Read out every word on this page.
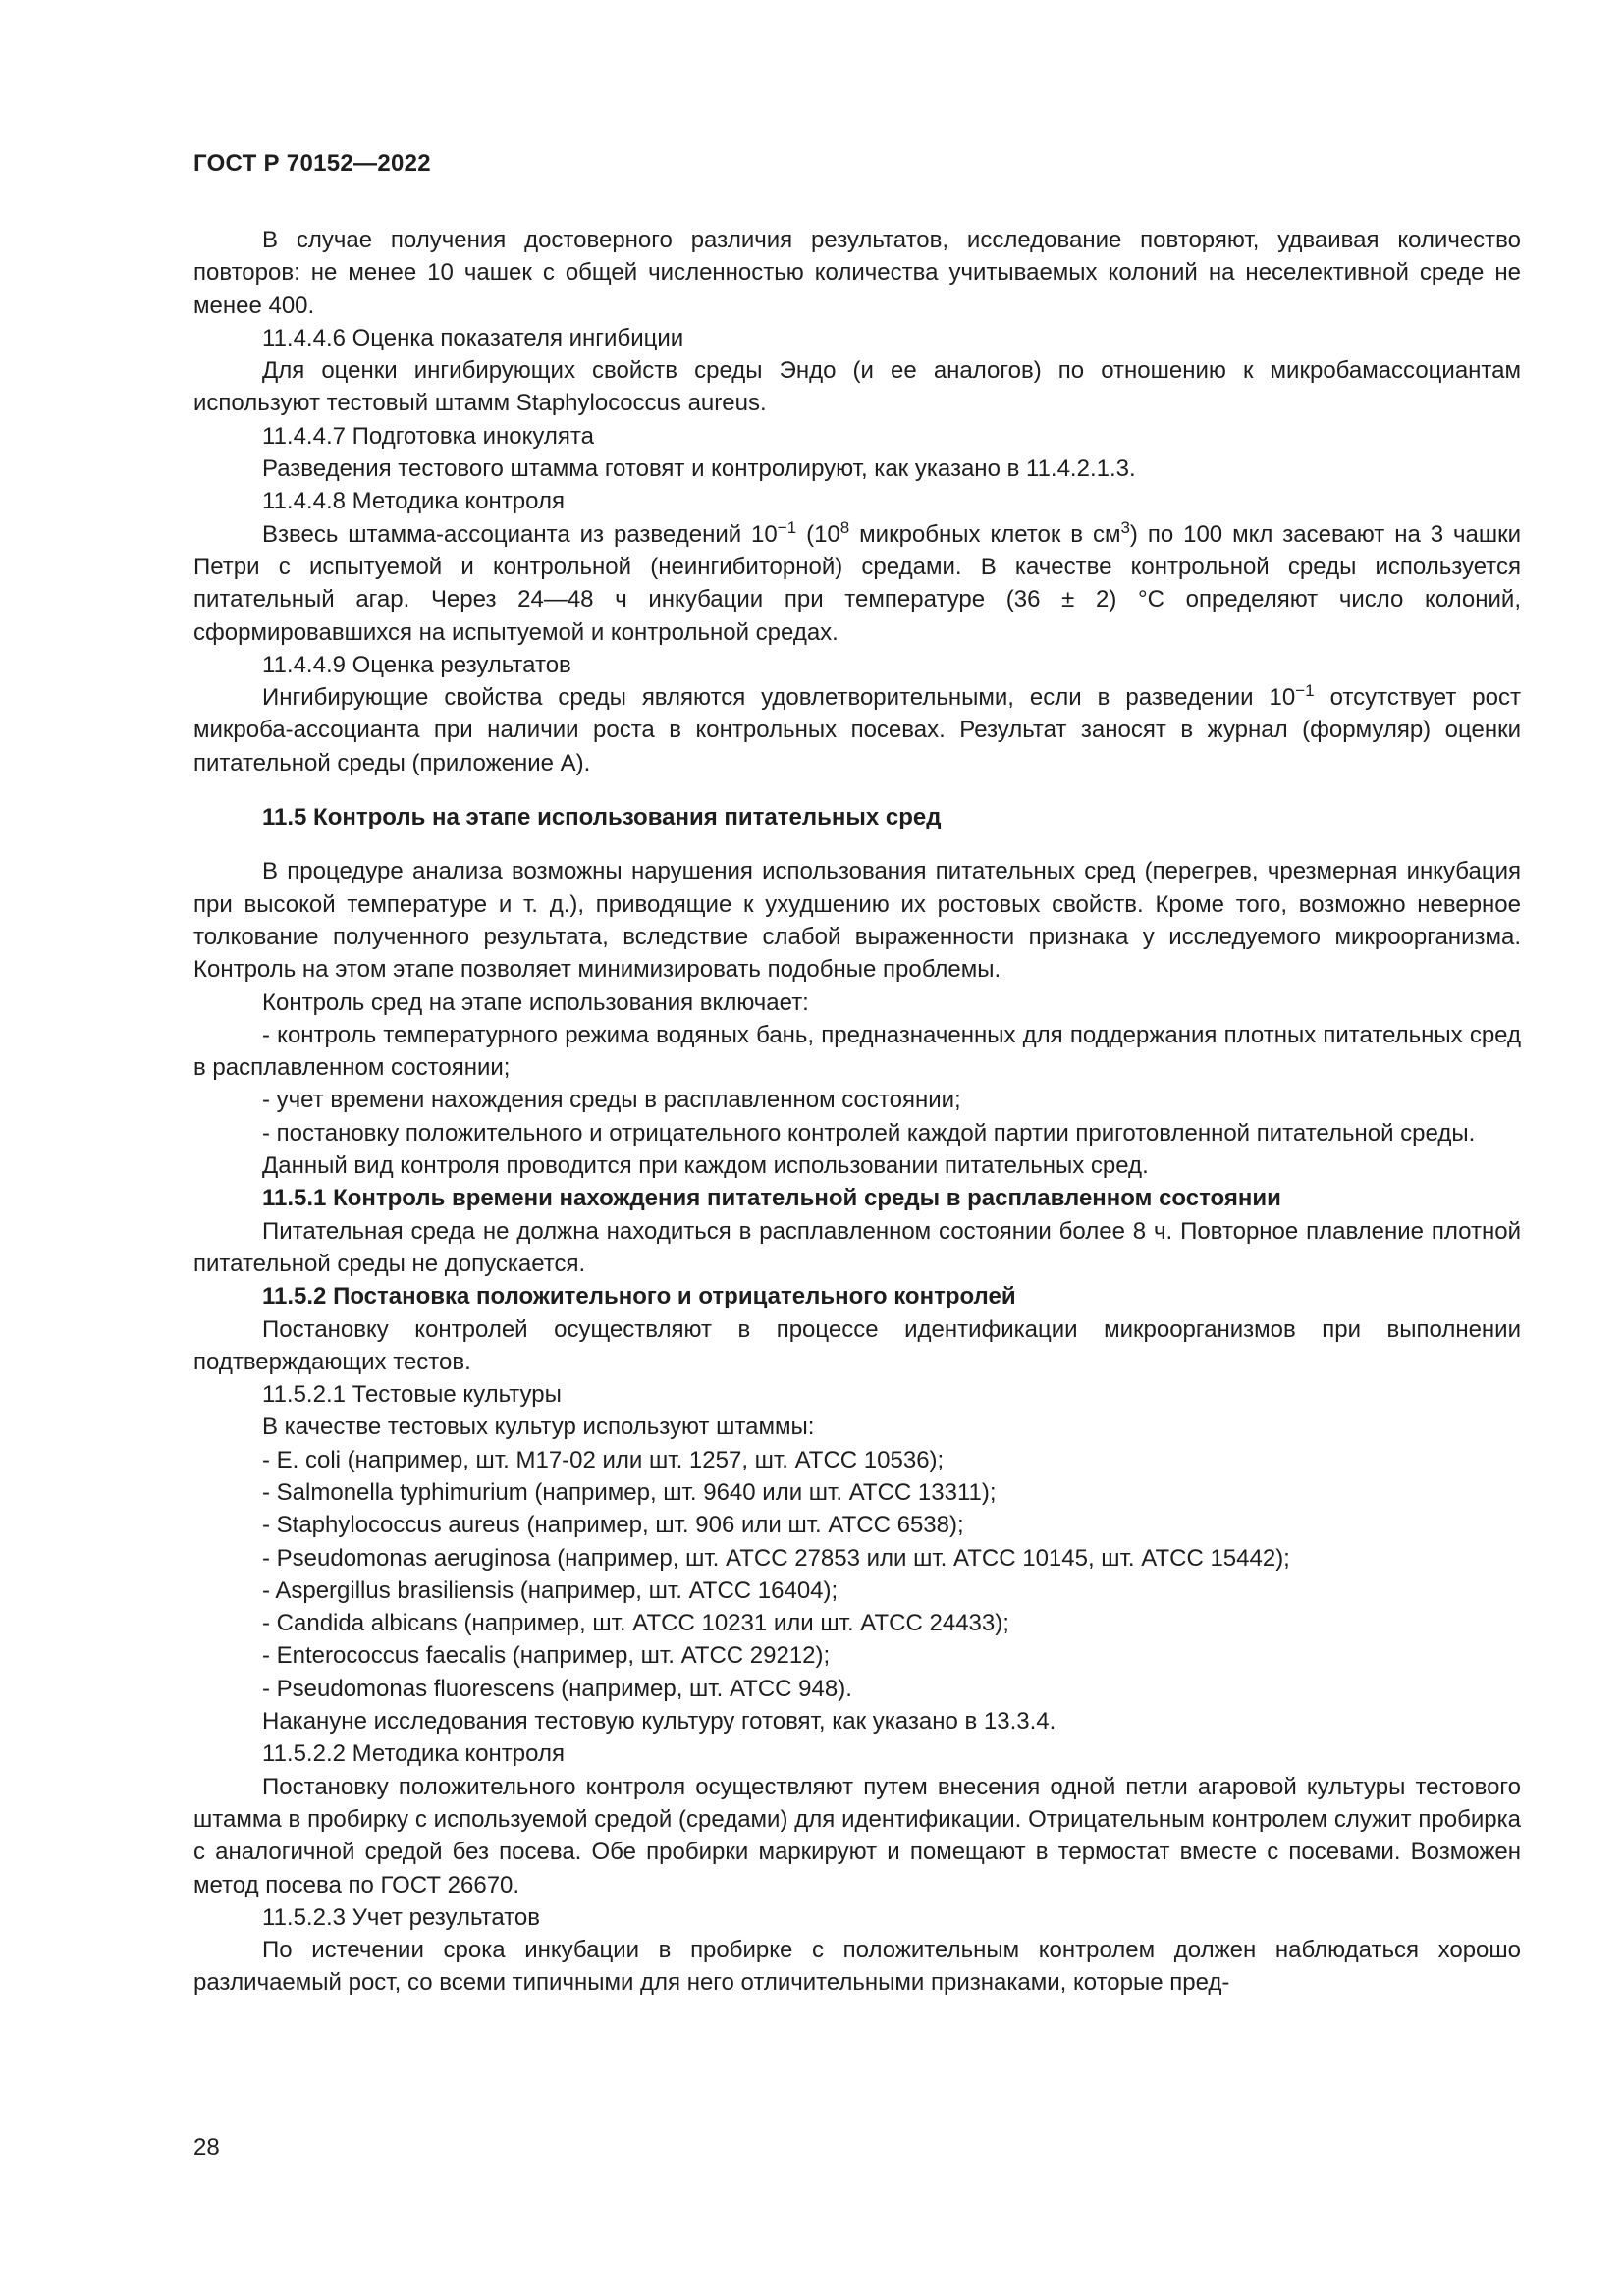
ГОСТ Р 70152—2022

В случае получения достоверного различия результатов, исследование повторяют, удваивая количество повторов: не менее 10 чашек с общей численностью количества учитываемых колоний на неселективной среде не менее 400.

11.4.4.6 Оценка показателя ингибиции

Для оценки ингибирующих свойств среды Эндо (и ее аналогов) по отношению к микробамассоциантам используют тестовый штамм Staphylococcus aureus.

11.4.4.7 Подготовка инокулята

Разведения тестового штамма готовят и контролируют, как указано в 11.4.2.1.3.

11.4.4.8 Методика контроля

Взвесь штамма-ассоцианта из разведений $10^{-1}$ ($10^8$ микробных клеток в $см^3$) по 100 мкл засевают на 3 чашки Петри с испытуемой и контрольной (неингибиторной) средами. В качестве контрольной среды используется питательный агар. Через 24—48 ч инкубации при температуре (36 ± 2) °С определяют число колоний, сформировавшихся на испытуемой и контрольной средах.

11.4.4.9 Оценка результатов

Ингибирующие свойства среды являются удовлетворительными, если в разведении $10^{-1}$ отсутствует рост микроба-ассоцианта при наличии роста в контрольных посевах. Результат заносят в журнал (формуляр) оценки питательной среды (приложение А).

11.5 Контроль на этапе использования питательных сред

В процедуре анализа возможны нарушения использования питательных сред (перегрев, чрезмерная инкубация при высокой температуре и т. д.), приводящие к ухудшению их ростовых свойств. Кроме того, возможно неверное толкование полученного результата, вследствие слабой выраженности признака у исследуемого микроорганизма. Контроль на этом этапе позволяет минимизировать подобные проблемы.

Контроль сред на этапе использования включает:

- контроль температурного режима водяных бань, предназначенных для поддержания плотных питательных сред в расплавленном состоянии;

- учет времени нахождения среды в расплавленном состоянии;

- постановку положительного и отрицательного контролей каждой партии приготовленной питательной среды.

Данный вид контроля проводится при каждом использовании питательных сред.

11.5.1 Контроль времени нахождения питательной среды в расплавленном состоянии

Питательная среда не должна находиться в расплавленном состоянии более 8 ч. Повторное плавление плотной питательной среды не допускается.

11.5.2 Постановка положительного и отрицательного контролей

Постановку контролей осуществляют в процессе идентификации микроорганизмов при выполнении подтверждающих тестов.

11.5.2.1 Тестовые культуры

В качестве тестовых культур используют штаммы:

- E. coli (например, шт. M17-02 или шт. 1257, шт. ATCC 10536);

- Salmonella typhimurium (например, шт. 9640 или шт. ATCC 13311);

- Staphylococcus aureus (например, шт. 906 или шт. ATCC 6538);

- Pseudomonas aeruginosa (например, шт. ATCC 27853 или шт. ATCC 10145, шт. ATCC 15442);

- Aspergillus brasiliensis (например, шт. ATCC 16404);

- Candida albicans (например, шт. ATCC 10231 или шт. ATCC 24433);

- Enterococcus faecalis (например, шт. ATCC 29212);

- Pseudomonas fluorescens (например, шт. ATCC 948).

Накануне исследования тестовую культуру готовят, как указано в 13.3.4.

11.5.2.2 Методика контроля

Постановку положительного контроля осуществляют путем внесения одной петли агаровой культуры тестового штамма в пробирку с используемой средой (средами) для идентификации. Отрицательным контролем служит пробирка с аналогичной средой без посева. Обе пробирки маркируют и помещают в термостат вместе с посевами. Возможен метод посева по ГОСТ 26670.

11.5.2.3 Учет результатов

По истечении срока инкубации в пробирке с положительным контролем должен наблюдаться хорошо различаемый рост, со всеми типичными для него отличительными признаками, которые пред-

28
